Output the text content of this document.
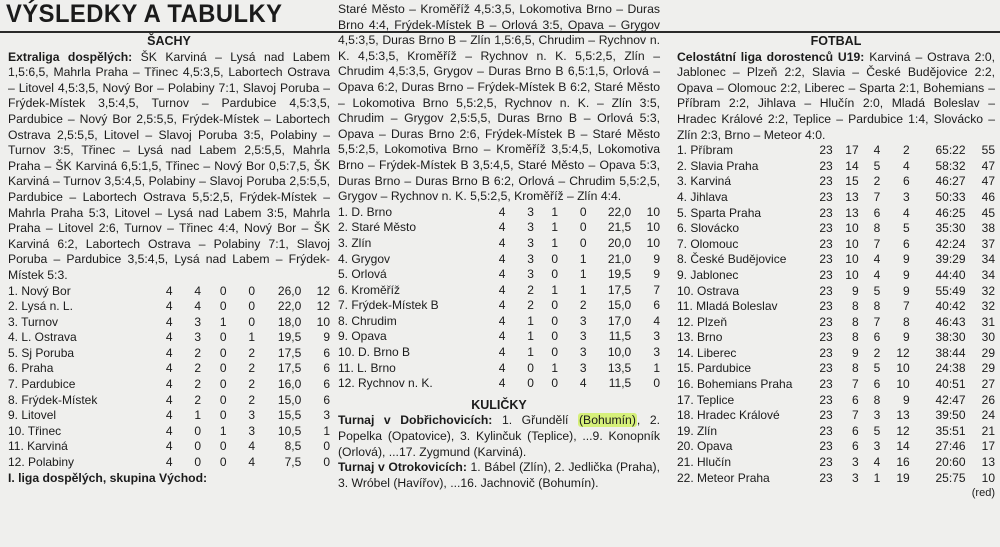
VÝSLEDKY A TABULKY
ŠACHY
Extraliga dospělých: ŠK Karviná – Lysá nad Labem 1,5:6,5, Mahrla Praha – Třinec 4,5:3,5, Labortech Ostrava – Litovel 4,5:3,5, Nový Bor – Polabiny 7:1, Slavoj Poruba – Frýdek-Místek 3,5:4,5, Turnov – Pardubice 4,5:3,5, Pardubice – Nový Bor 2,5:5,5, Frýdek-Místek – Labortech Ostrava 2,5:5,5, Litovel – Slavoj Poruba 3:5, Polabiny – Turnov 3:5, Třinec – Lysá nad Labem 2,5:5,5, Mahrla Praha – ŠK Karviná 6,5:1,5, Třinec – Nový Bor 0,5:7,5, ŠK Karviná – Turnov 3,5:4,5, Polabiny – Slavoj Poruba 2,5:5,5, Pardubice – Labortech Ostrava 5,5:2,5, Frýdek-Místek – Mahrla Praha 5:3, Litovel – Lysá nad Labem 3:5, Mahrla Praha – Litovel 2:6, Turnov – Třinec 4:4, Nový Bor – ŠK Karviná 6:2, Labortech Ostrava – Polabiny 7:1, Slavoj Poruba – Pardubice 3,5:4,5, Lysá nad Labem – Frýdek-Místek 5:3.
1. Nový Bor	4	4	0	0	26,0	12
2. Lysá n. L.	4	4	0	0	22,0	12
3. Turnov	4	3	1	0	18,0	10
4. L. Ostrava	4	3	0	1	19,5	9
5. Sj Poruba	4	2	0	2	17,5	6
6. Praha	4	2	0	2	17,5	6
7. Pardubice	4	2	0	2	16,0	6
8. Frýdek-Místek	4	2	0	2	15,0	6
9. Litovel	4	1	0	3	15,5	3
10. Třinec	4	0	1	3	10,5	1
11. Karviná	4	0	0	4	8,5	0
12. Polabiny	4	0	0	4	7,5	0
I. liga dospělých, skupina Východ:
Staré Město – Kroměříž 4,5:3,5, Lokomotiva Brno – Duras Brno 4:4, Frýdek-Místek B – Orlová 3:5, Opava – Grygov 4,5:3,5, Duras Brno B – Zlín 1,5:6,5, Chrudim – Rychnov n. K. 4,5:3,5, Kroměříž – Rychnov n. K. 5,5:2,5, Zlín – Chrudim 4,5:3,5, Grygov – Duras Brno B 6,5:1,5, Orlová – Opava 6:2, Duras Brno – Frýdek-Místek B 6:2, Staré Město – Lokomotiva Brno 5,5:2,5, Rychnov n. K. – Zlín 3:5, Chrudim – Grygov 2,5:5,5, Duras Brno B – Orlová 5:3, Opava – Duras Brno 2:6, Frýdek-Místek B – Staré Město 5,5:2,5, Lokomotiva Brno – Kroměříž 3,5:4,5, Lokomotiva Brno – Frýdek-Místek B 3,5:4,5, Staré Město – Opava 5:3, Duras Brno – Duras Brno B 6:2, Orlová – Chrudim 5,5:2,5, Grygov – Rychnov n. K. 5,5:2,5, Kroměříž – Zlín 4:4.
1. D. Brno	4	3	1	0	22,0	10
2. Staré Město	4	3	1	0	21,5	10
3. Zlín	4	3	1	0	20,0	10
4. Grygov	4	3	0	1	21,0	9
5. Orlová	4	3	0	1	19,5	9
6. Kroměříž	4	2	1	1	17,5	7
7. Frýdek-Místek B	4	2	0	2	15,0	6
8. Chrudim	4	1	0	3	17,0	4
9. Opava	4	1	0	3	11,5	3
10. D. Brno B	4	1	0	3	10,0	3
11. L. Brno	4	0	1	3	13,5	1
12. Rychnov n. K.	4	0	0	4	11,5	0
KULIČKY
Turnaj v Dobřichovicích: 1. Gřundělí (Bohumín), 2. Popelka (Opatovice), 3. Kylinčuk (Teplice), ...9. Konopník (Orlová), ...17. Zygmund (Karviná).
Turnaj v Otrokovicích: 1. Bábel (Zlín), 2. Jedlička (Praha), 3. Wróbel (Havířov), ...16. Jachnovič (Bohumín).
FOTBAL
Celostátní liga dorostenců U19: Karviná – Ostrava 2:0, Jablonec – Plzeň 2:2, Slavia – České Budějovice 2:2, Opava – Olomouc 2:2, Liberec – Sparta 2:1, Bohemians – Příbram 2:2, Jihlava – Hlučín 2:0, Mladá Boleslav – Hradec Králové 2:2, Teplice – Pardubice 1:4, Slovácko – Zlín 2:3, Brno – Meteor 4:0.
1. Příbram	23	17	4	2	65:22	55
2. Slavia Praha	23	14	5	4	58:32	47
3. Karviná	23	15	2	6	46:27	47
4. Jihlava	23	13	7	3	50:33	46
5. Sparta Praha	23	13	6	4	46:25	45
6. Slovácko	23	10	8	5	35:30	38
7. Olomouc	23	10	7	6	42:24	37
8. České Budějovice	23	10	4	9	39:29	34
9. Jablonec	23	10	4	9	44:40	34
10. Ostrava	23	9	5	9	55:49	32
11. Mladá Boleslav	23	8	8	7	40:42	32
12. Plzeň	23	8	7	8	46:43	31
13. Brno	23	8	6	9	38:30	30
14. Liberec	23	9	2	12	38:44	29
15. Pardubice	23	8	5	10	24:38	29
16. Bohemians Praha	23	7	6	10	40:51	27
17. Teplice	23	6	8	9	42:47	26
18. Hradec Králové	23	7	3	13	39:50	24
19. Zlín	23	6	5	12	35:51	21
20. Opava	23	6	3	14	27:46	17
21. Hlučín	23	3	4	16	20:60	13
22. Meteor Praha	23	3	1	19	25:75	10
(red)
